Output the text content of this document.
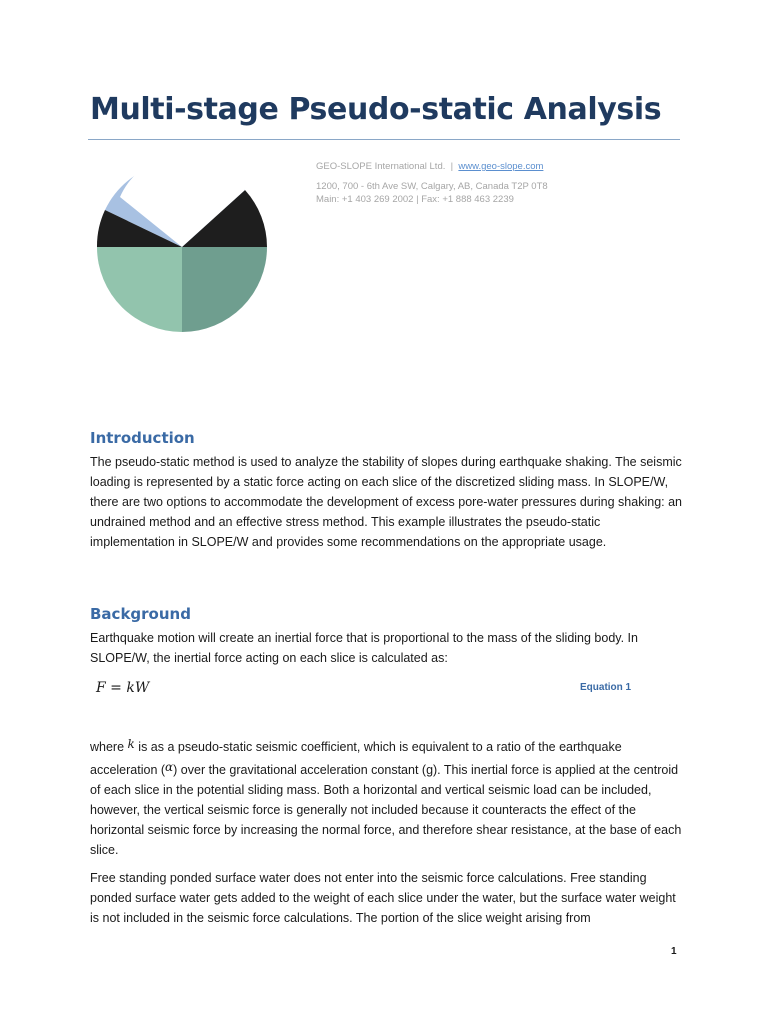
Multi-stage Pseudo-static Analysis
GEO-SLOPE International Ltd. | www.geo-slope.com
1200, 700 - 6th Ave SW, Calgary, AB, Canada T2P 0T8
Main: +1 403 269 2002 | Fax: +1 888 463 2239
Introduction

The pseudo-static method is used to analyze the stability of slopes during earthquake shaking. The seismic loading is represented by a static force acting on each slice of the discretized sliding mass. In SLOPE/W, there are two options to accommodate the development of excess pore-water pressures during shaking: an undrained method and an effective stress method. This example illustrates the pseudo-static implementation in SLOPE/W and provides some recommendations on the appropriate usage.

Background

Earthquake motion will create an inertial force that is proportional to the mass of the sliding body. In SLOPE/W, the inertial force acting on each slice is calculated as:

F = kW	Equation 1

where k is as a pseudo-static seismic coefficient, which is equivalent to a ratio of the earthquake acceleration (α) over the gravitational acceleration constant (g). This inertial force is applied at the centroid of each slice in the potential sliding mass. Both a horizontal and vertical seismic load can be included, however, the vertical seismic force is generally not included because it counteracts the effect of the horizontal seismic force by increasing the normal force, and therefore shear resistance, at the base of each slice.

Free standing ponded surface water does not enter into the seismic force calculations. Free standing ponded surface water gets added to the weight of each slice under the water, but the surface water weight is not included in the seismic force calculations. The portion of the slice weight arising from

1
